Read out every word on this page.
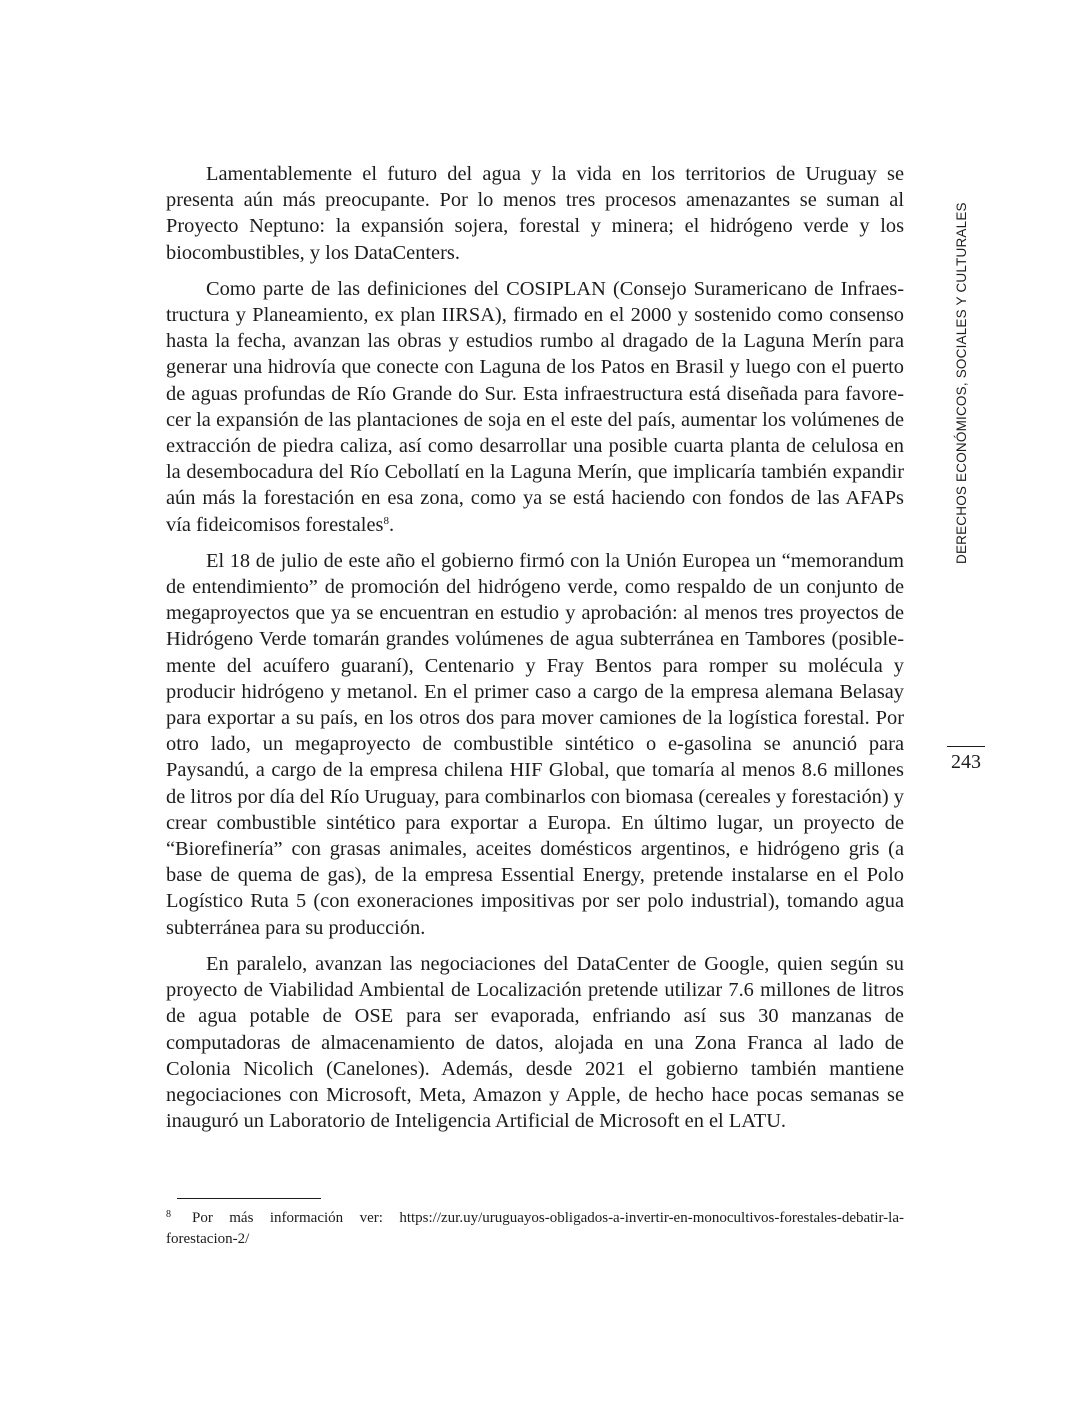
Lamentablemente el futuro del agua y la vida en los territorios de Uruguay se presenta aún más preocupante. Por lo menos tres procesos amenazantes se suman al Proyecto Neptuno: la expansión sojera, forestal y minera; el hidrógeno verde y los biocombustibles, y los DataCenters.

Como parte de las definiciones del COSIPLAN (Consejo Suramericano de Infraestructura y Planeamiento, ex plan IIRSA), firmado en el 2000 y sostenido como consenso hasta la fecha, avanzan las obras y estudios rumbo al dragado de la Laguna Merín para generar una hidrovía que conecte con Laguna de los Patos en Brasil y luego con el puerto de aguas profundas de Río Grande do Sur. Esta infraestructura está diseñada para favorecer la expansión de las plantaciones de soja en el este del país, aumentar los volúmenes de extracción de piedra caliza, así como desarrollar una posible cuarta planta de celulosa en la desembocadura del Río Cebollatí en la Laguna Merín, que implicaría también expandir aún más la forestación en esa zona, como ya se está haciendo con fondos de las AFAPs vía fideicomisos forestales$^8$.

El 18 de julio de este año el gobierno firmó con la Unión Europea un “memorandum de entendimiento” de promoción del hidrógeno verde, como respaldo de un conjunto de megaproyectos que ya se encuentran en estudio y aprobación: al menos tres proyectos de Hidrógeno Verde tomarán grandes volúmenes de agua subterránea en Tambores (posiblemente del acuífero guaraní), Centenario y Fray Bentos para romper su molécula y producir hidrógeno y metanol. En el primer caso a cargo de la empresa alemana Belasay para exportar a su país, en los otros dos para mover camiones de la logística forestal. Por otro lado, un megaproyecto de combustible sintético o e-gasolina se anunció para Paysandú, a cargo de la empresa chilena HIF Global, que tomaría al menos 8.6 millones de litros por día del Río Uruguay, para combinarlos con biomasa (cereales y forestación) y crear combustible sintético para exportar a Europa. En último lugar, un proyecto de “Biorefinería” con grasas animales, aceites domésticos argentinos, e hidrógeno gris (a base de quema de gas), de la empresa Essential Energy, pretende instalarse en el Polo Logístico Ruta 5 (con exoneraciones impositivas por ser polo industrial), tomando agua subterránea para su producción.

En paralelo, avanzan las negociaciones del DataCenter de Google, quien según su proyecto de Viabilidad Ambiental de Localización pretende utilizar 7.6 millones de litros de agua potable de OSE para ser evaporada, enfriando así sus 30 manzanas de computadoras de almacenamiento de datos, alojada en una Zona Franca al lado de Colonia Nicolich (Canelones). Además, desde 2021 el gobierno también mantiene negociaciones con Microsoft, Meta, Amazon y Apple, de hecho hace pocas semanas se inauguró un Laboratorio de Inteligencia Artificial de Microsoft en el LATU.

DERECHOS ECONÓMICOS, SOCIALES Y CULTURALES
243
8 Por más información ver: https://zur.uy/uruguayos-obligados-a-invertir-en-monocultivos-forestales-debatir-la-forestacion-2/
